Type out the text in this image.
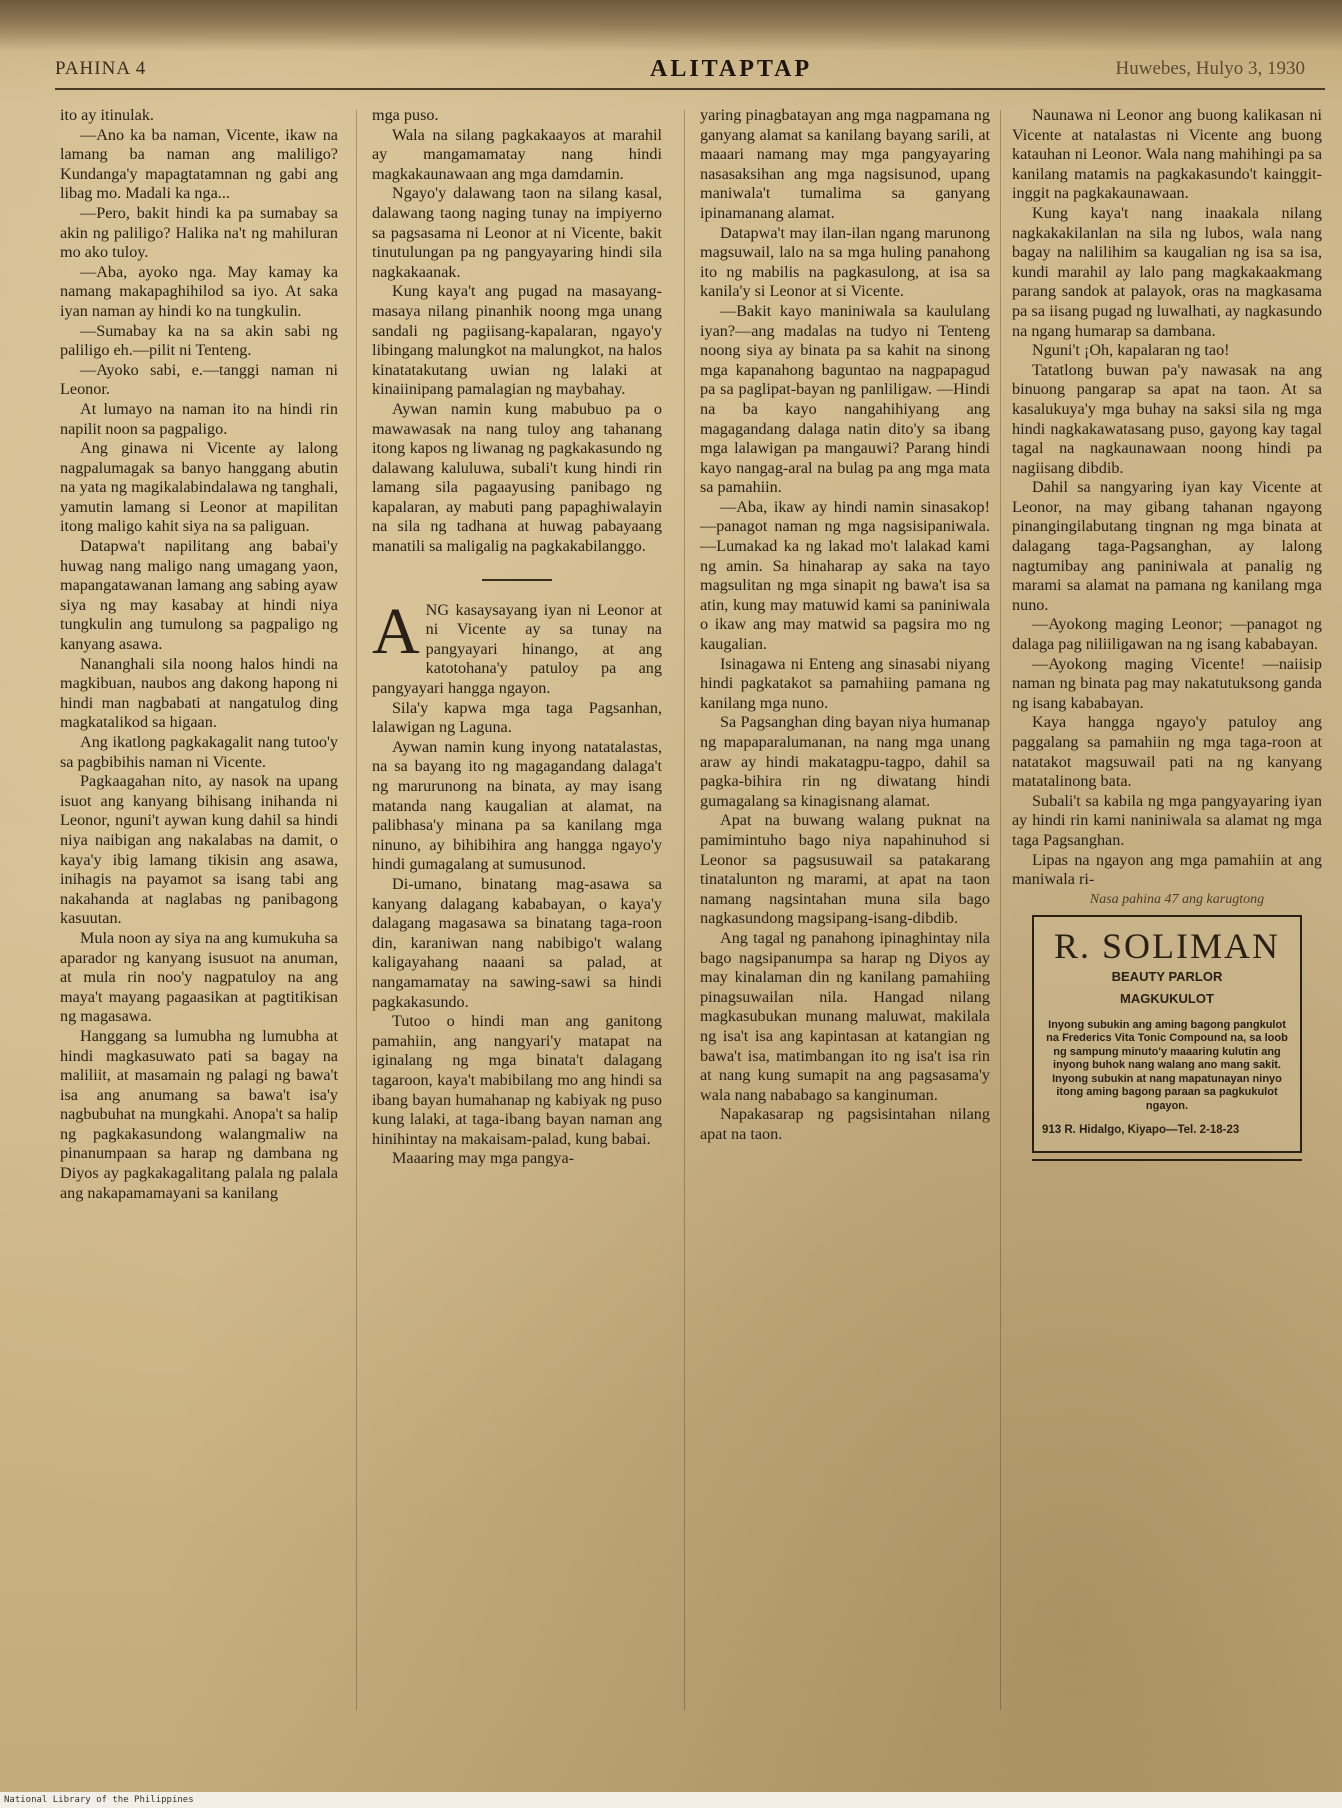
PAHINA 4	ALITAPTAP	Huwebes, Hulyo 3, 1930

ito ay itinulak.

—Ano ka ba naman, Vicente, ikaw na lamang ba naman ang maliligo? Kundanga'y mapagtatamnan ng gabi ang libag mo. Madali ka nga...

—Pero, bakit hindi ka pa sumabay sa akin ng paliligo? Halika na't ng mahiluran mo ako tuloy.

—Aba, ayoko nga. May kamay ka namang makapaghihilod sa iyo. At saka iyan naman ay hindi ko na tungkulin.

—Sumabay ka na sa akin sabi ng paliligo eh.—pilit ni Tenteng.

—Ayoko sabi, e.—tanggi naman ni Leonor.

At lumayo na naman ito na hindi rin napilit noon sa pagpaligo.

Ang ginawa ni Vicente ay lalong nagpalumagak sa banyo hanggang abutin na yata ng magikalabindalawa ng tanghali, yamutin lamang si Leonor at mapilitan itong maligo kahit siya na sa paliguan.

Datapwa't napilitang ang babai'y huwag nang maligo nang umagang yaon, mapangatawanan lamang ang sabing ayaw siya ng may kasabay at hindi niya tungkulin ang tumulong sa pagpaligo ng kanyang asawa.

Nananghali sila noong halos hindi na magkibuan, naubos ang dakong hapong ni hindi man nagbabati at nangatulog ding magkatalikod sa higaan.

Ang ikatlong pagkakagalit nang tutoo'y sa pagbibihis naman ni Vicente.

Pagkaagahan nito, ay nasok na upang isuot ang kanyang bihisang inihanda ni Leonor, nguni't aywan kung dahil sa hindi niya naibigan ang nakalabas na damit, o kaya'y ibig lamang tikisin ang asawa, inihagis na payamot sa isang tabi ang nakahanda at naglabas ng panibagong kasuutan.

Mula noon ay siya na ang kumukuha sa aparador ng kanyang isusuot na anuman, at mula rin noo'y nagpatuloy na ang maya't mayang pagaasikan at pagtitikisan ng magasawa.

Hanggang sa lumubha ng lumubha at hindi magkasuwato pati sa bagay na maliliit, at masamain ng palagi ng bawa't isa ang anumang sa bawa't isa'y nagbubuhat na mungkahi. Anopa't sa halip ng pagkakasundong walangmaliw na pinanumpaan sa harap ng dambana ng Diyos ay pagkakagalitang palala ng palala ang nakapamamayani sa kanilang

mga puso.

Wala na silang pagkakaayos at marahil ay mangamamatay nang hindi magkakaunawaan ang mga damdamin.

Ngayo'y dalawang taon na silang kasal, dalawang taong naging tunay na impiyerno sa pagsasama ni Leonor at ni Vicente, bakit tinutulungan pa ng pangyayaring hindi sila nagkakaanak.

Kung kaya't ang pugad na masayang-masaya nilang pinanhik noong mga unang sandali ng pagiisang-kapalaran, ngayo'y libingang malungkot na malungkot, na halos kinatatakutang uwian ng lalaki at kinaiinipang pamalagian ng maybahay.

Aywan namin kung mabubuo pa o mawawasak na nang tuloy ang tahanang itong kapos ng liwanag ng pagkakasundo ng dalawang kaluluwa, subali't kung hindi rin lamang sila pagaayusing panibago ng kapalaran, ay mabuti pang papaghiwalayin na sila ng tadhana at huwag pabayaang manatili sa maligalig na pagkakabilanggo.

ANG kasaysayang iyan ni Leonor at ni Vicente ay sa tunay na pangyayari hinango, at ang katotohana'y patuloy pa ang pangyayari hangga ngayon.

Sila'y kapwa mga taga Pagsanhan, lalawigan ng Laguna.

Aywan namin kung inyong natatalastas, na sa bayang ito ng magagandang dalaga't ng marurunong na binata, ay may isang matanda nang kaugalian at alamat, na palibhasa'y minana pa sa kanilang mga ninuno, ay bihibihira ang hangga ngayo'y hindi gumagalang at sumusunod.

Di-umano, binatang mag-asawa sa kanyang dalagang kababayan, o kaya'y dalagang magasawa sa binatang taga-roon din, karaniwan nang nabibigo't walang kaligayahang naaani sa palad, at nangamamatay na sawing-sawi sa hindi pagkakasundo.

Tutoo o hindi man ang ganitong pamahiin, ang nangyari'y matapat na iginalang ng mga binata't dalagang tagaroon, kaya't mabibilang mo ang hindi sa ibang bayan humahanap ng kabiyak ng puso kung lalaki, at taga-ibang bayan naman ang hinihintay na makaisam-palad, kung babai.

Maaaring may mga pangya-

yaring pinagbatayan ang mga nagpamana ng ganyang alamat sa kanilang bayang sarili, at maaari namang may mga pangyayaring nasasaksihan ang mga nagsisunod, upang maniwala't tumalima sa ganyang ipinamanang alamat.

Datapwa't may ilan-ilan ngang marunong magsuwail, lalo na sa mga huling panahong ito ng mabilis na pagkasulong, at isa sa kanila'y si Leonor at si Vicente.

—Bakit kayo maniniwala sa kaululang iyan?—ang madalas na tudyo ni Tenteng noong siya ay binata pa sa kahit na sinong mga kapanahong baguntao na nagpapagud pa sa paglipat-bayan ng panliligaw. —Hindi na ba kayo nangahihiyang ang magagandang dalaga natin dito'y sa ibang mga lalawigan pa mangauwi? Parang hindi kayo nangag-aral na bulag pa ang mga mata sa pamahiin.

—Aba, ikaw ay hindi namin sinasakop!—panagot naman ng mga nagsisipaniwala.—Lumakad ka ng lakad mo't lalakad kami ng amin. Sa hinaharap ay saka na tayo magsulitan ng mga sinapit ng bawa't isa sa atin, kung may matuwid kami sa paniniwala o ikaw ang may matwid sa pagsira mo ng kaugalian.

Isinagawa ni Enteng ang sinasabi niyang hindi pagkatakot sa pamahiing pamana ng kanilang mga nuno.

Sa Pagsanghan ding bayan niya humanap ng mapaparalumanan, na nang mga unang araw ay hindi makatagpu-tagpo, dahil sa pagka-bihira rin ng diwatang hindi gumagalang sa kinagisnang alamat.

Apat na buwang walang puknat na pamimintuho bago niya napahinuhod si Leonor sa pagsusuwail sa patakarang tinatalunton ng marami, at apat na taon namang nagsintahan muna sila bago nagkasundong magsipang-isang-dibdib.

Ang tagal ng panahong ipinaghintay nila bago nagsipanumpa sa harap ng Diyos ay may kinalaman din ng kanilang pamahiing pinagsuwailan nila. Hangad nilang magkasubukan munang maluwat, makilala ng isa't isa ang kapintasan at katangian ng bawa't isa, matimbangan ito ng isa't isa rin at nang kung sumapit na ang pagsasama'y wala nang nababago sa kanginuman.

Napakasarap ng pagsisintahan nilang apat na taon.

Naunawa ni Leonor ang buong kalikasan ni Vicente at natalastas ni Vicente ang buong katauhan ni Leonor. Wala nang mahihingi pa sa kanilang matamis na pagkakasundo't kainggit-inggit na pagkakaunawaan.

Kung kaya't nang inaakala nilang nagkakakilanlan na sila ng lubos, wala nang bagay na nalilihim sa kaugalian ng isa sa isa, kundi marahil ay lalo pang magkakaakmang parang sandok at palayok, oras na magkasama pa sa iisang pugad ng luwalhati, ay nagkasundo na ngang humarap sa dambana.

Nguni't ¡Oh, kapalaran ng tao!

Tatatlong buwan pa'y nawasak na ang binuong pangarap sa apat na taon. At sa kasalukuya'y mga buhay na saksi sila ng mga hindi nagkakawatasang puso, gayong kay tagal tagal na nagkaunawaan noong hindi pa nagiisang dibdib.

Dahil sa nangyaring iyan kay Vicente at Leonor, na may gibang tahanan ngayong pinangingilabutang tingnan ng mga binata at dalagang taga-Pagsanghan, ay lalong nagtumibay ang paniniwala at panalig ng marami sa alamat na pamana ng kanilang mga nuno.

—Ayokong maging Leonor; —panagot ng dalaga pag niliiligawan na ng isang kababayan.

—Ayokong maging Vicente! —naiisip naman ng binata pag may nakatutuksong ganda ng isang kababayan.

Kaya hangga ngayo'y patuloy ang paggalang sa pamahiin ng mga taga-roon at natatakot magsuwail pati na ng kanyang matatalinong bata.

Subali't sa kabila ng mga pangyayaring iyan ay hindi rin kami naniniwala sa alamat ng mga taga Pagsanghan.

Lipas na ngayon ang mga pamahiin at ang maniwala ri-

Nasa pahina 47 ang karugtong

R. SOLIMAN

BEAUTY PARLOR

MAGKUKULOT

Inyong subukin ang aming bagong pangkulot na Frederics Vita Tonic Compound na, sa loob ng sampung minuto'y maaaring kulutin ang inyong buhok nang walang ano mang sakit. Inyong subukin at nang mapatunayan ninyo itong aming bagong paraan sa pagkukulot ngayon.

913 R. Hidalgo, Kiyapo—Tel. 2-18-23

National Library of the Philippines
